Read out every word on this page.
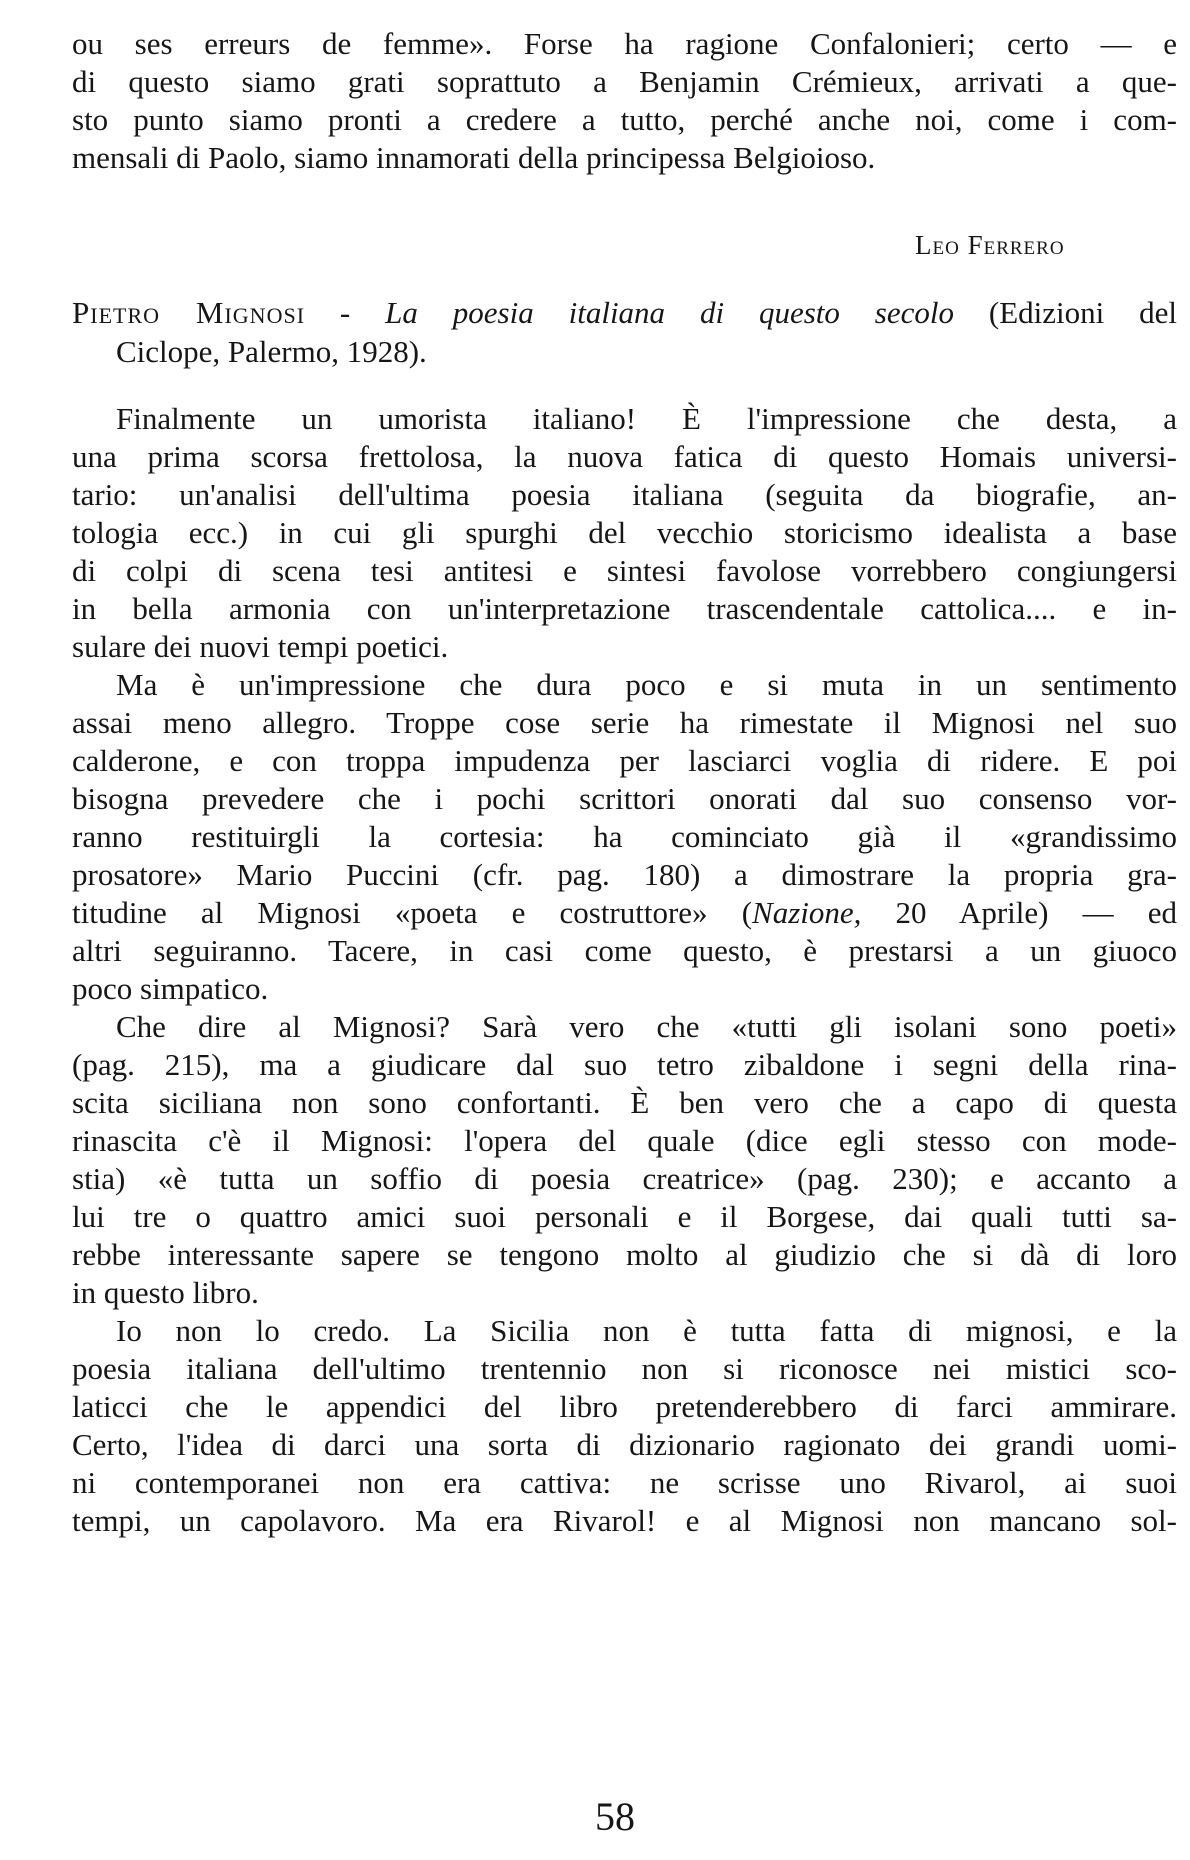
ou ses erreurs de femme». Forse ha ragione Confalonieri; certo — e
di questo siamo grati soprattuto a Benjamin Crémieux, arrivati a que-
sto punto siamo pronti a credere a tutto, perché anche noi, come i com-
mensali di Paolo, siamo innamorati della principessa Belgioioso.
Leo Ferrero
Pietro Mignosi - La poesia italiana di questo secolo (Edizioni del
Ciclope, Palermo, 1928).
Finalmente un umorista italiano! È l'impressione che desta, a
una prima scorsa frettolosa, la nuova fatica di questo Homais universi-
tario: un'analisi dell'ultima poesia italiana (seguita da biografie, an-
tologia ecc.) in cui gli spurghi del vecchio storicismo idealista a base
di colpi di scena tesi antitesi e sintesi favolose vorrebbero congiungersi
in bella armonia con un'interpretazione trascendentale cattolica.... e in-
sulare dei nuovi tempi poetici.
Ma è un'impressione che dura poco e si muta in un sentimento
assai meno allegro. Troppe cose serie ha rimestate il Mignosi nel suo
calderone, e con troppa impudenza per lasciarci voglia di ridere. E poi
bisogna prevedere che i pochi scrittori onorati dal suo consenso vor-
ranno restituirgli la cortesia: ha cominciato già il «grandissimo
prosatore» Mario Puccini (cfr. pag. 180) a dimostrare la propria gra-
titudine al Mignosi «poeta e costruttore» (Nazione, 20 Aprile) — ed
altri seguiranno. Tacere, in casi come questo, è prestarsi a un giuoco
poco simpatico.
Che dire al Mignosi? Sarà vero che «tutti gli isolani sono poeti»
(pag. 215), ma a giudicare dal suo tetro zibaldone i segni della rina-
scita siciliana non sono confortanti. È ben vero che a capo di questa
rinascita c'è il Mignosi: l'opera del quale (dice egli stesso con mode-
stia) «è tutta un soffio di poesia creatrice» (pag. 230); e accanto a
lui tre o quattro amici suoi personali e il Borgese, dai quali tutti sa-
rebbe interessante sapere se tengono molto al giudizio che si dà di loro
in questo libro.
Io non lo credo. La Sicilia non è tutta fatta di mignosi, e la
poesia italiana dell'ultimo trentennio non si riconosce nei mistici sco-
laticci che le appendici del libro pretenderebbero di farci ammirare.
Certo, l'idea di darci una sorta di dizionario ragionato dei grandi uomi-
ni contemporanei non era cattiva: ne scrisse uno Rivarol, ai suoi
tempi, un capolavoro. Ma era Rivarol! e al Mignosi non mancano sol-
58
